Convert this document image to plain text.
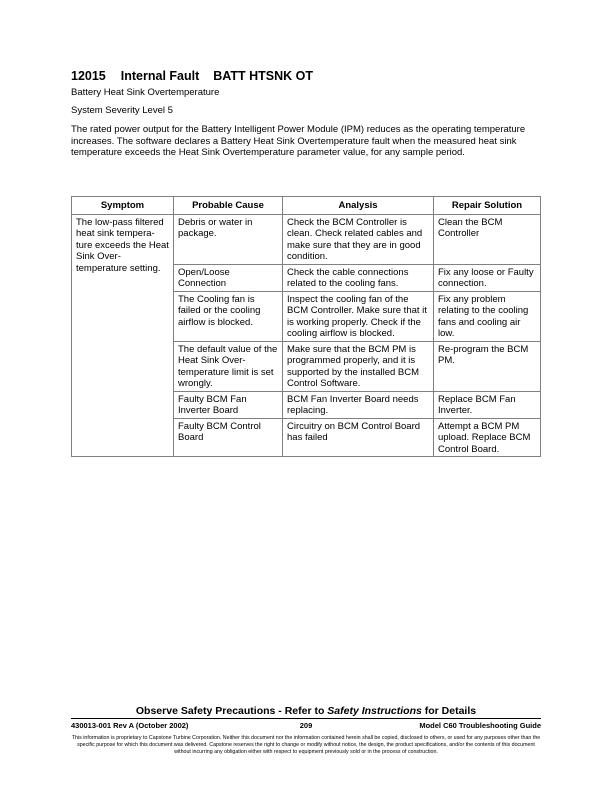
12015 Internal Fault BATT HTSNK OT

Battery Heat Sink Overtemperature

System Severity Level 5

The rated power output for the Battery Intelligent Power Module (IPM) reduces as the operating temperature increases. The software declares a Battery Heat Sink Overtemperature fault when the measured heat sink temperature exceeds the Heat Sink Overtemperature parameter value, for any sample period.

Symptom	Probable Cause	Analysis	Repair Solution
The low-pass filtered heat sink tempera-ture exceeds the Heat Sink Over-temperature setting.	Debris or water in package.	Check the BCM Controller is clean. Check related cables and make sure that they are in good condition.	Clean the BCM Controller
	Open/Loose Connection	Check the cable connections related to the cooling fans.	Fix any loose or Faulty connection.
	The Cooling fan is failed or the cooling airflow is blocked.	Inspect the cooling fan of the BCM Controller. Make sure that it is working properly. Check if the cooling airflow is blocked.	Fix any problem relating to the cooling fans and cooling air low.
	The default value of the Heat Sink Over-temperature limit is set wrongly.	Make sure that the BCM PM is programmed properly, and it is supported by the installed BCM Control Software.	Re-program the BCM PM.
	Faulty BCM Fan Inverter Board	BCM Fan Inverter Board needs replacing.	Replace BCM Fan Inverter.
	Faulty BCM Control Board	Circuitry on BCM Control Board has failed	Attempt a BCM PM upload. Replace BCM Control Board.

Observe Safety Precautions - Refer to Safety Instructions for Details

430013-001 Rev A (October 2002)	209	Model C60 Troubleshooting Guide

This information is proprietary to Capstone Turbine Corporation. Neither this document nor the information contained herein shall be copied, disclosed to others, or used for any purposes other than the specific purpose for which this document was delivered. Capstone reserves the right to change or modify without notice, the design, the product specifications, and/or the contents of this document without incurring any obligation either with respect to equipment previously sold or in the process of construction.
